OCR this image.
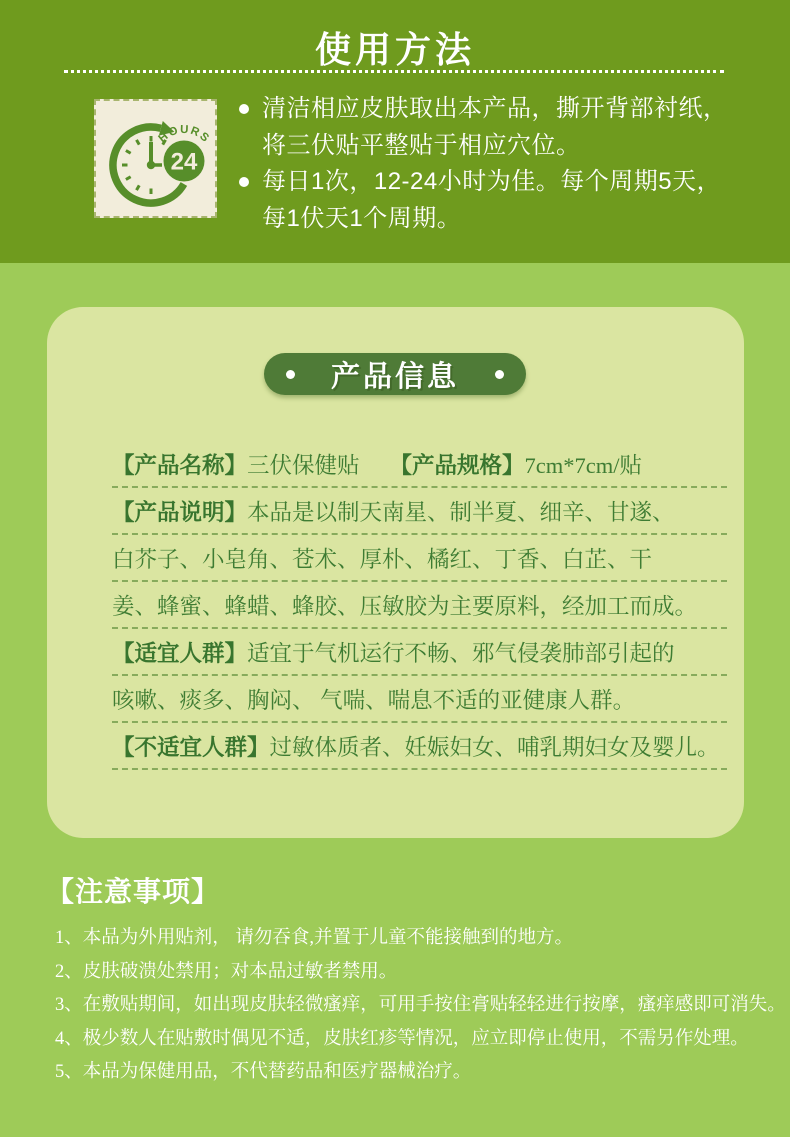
使用方法
24
HOURS
清洁相应皮肤取出本产品，撕开背部衬纸，
将三伏贴平整贴于相应穴位。
每日1次，12-24小时为佳。每个周期5天，
每1伏天1个周期。
产品信息
【产品名称】 三伏保健贴 【产品规格】 7cm*7cm/贴
【产品说明】 本品是以制天南星、制半夏、细辛、甘遂、
白芥子、小皂角、苍术、厚朴、橘红、丁香、白芷、干
姜、蜂蜜、蜂蜡、蜂胶、压敏胶为主要原料，经加工而成。
【适宜人群】 适宜于气机运行不畅、邪气侵袭肺部引起的
咳嗽、痰多、胸闷、 气喘、喘息不适的亚健康人群。
【不适宜人群】 过敏体质者、妊娠妇女、哺乳期妇女及婴儿。
【注意事项】
1、本品为外用贴剂， 请勿吞食,并置于儿童不能接触到的地方。
2、皮肤破溃处禁用；对本品过敏者禁用。
3、在敷贴期间，如出现皮肤轻微瘙痒，可用手按住膏贴轻轻进行按摩，瘙痒感即可消失。
4、极少数人在贴敷时偶见不适，皮肤红疹等情况，应立即停止使用，不需另作处理。
5、本品为保健用品，不代替药品和医疗器械治疗。
